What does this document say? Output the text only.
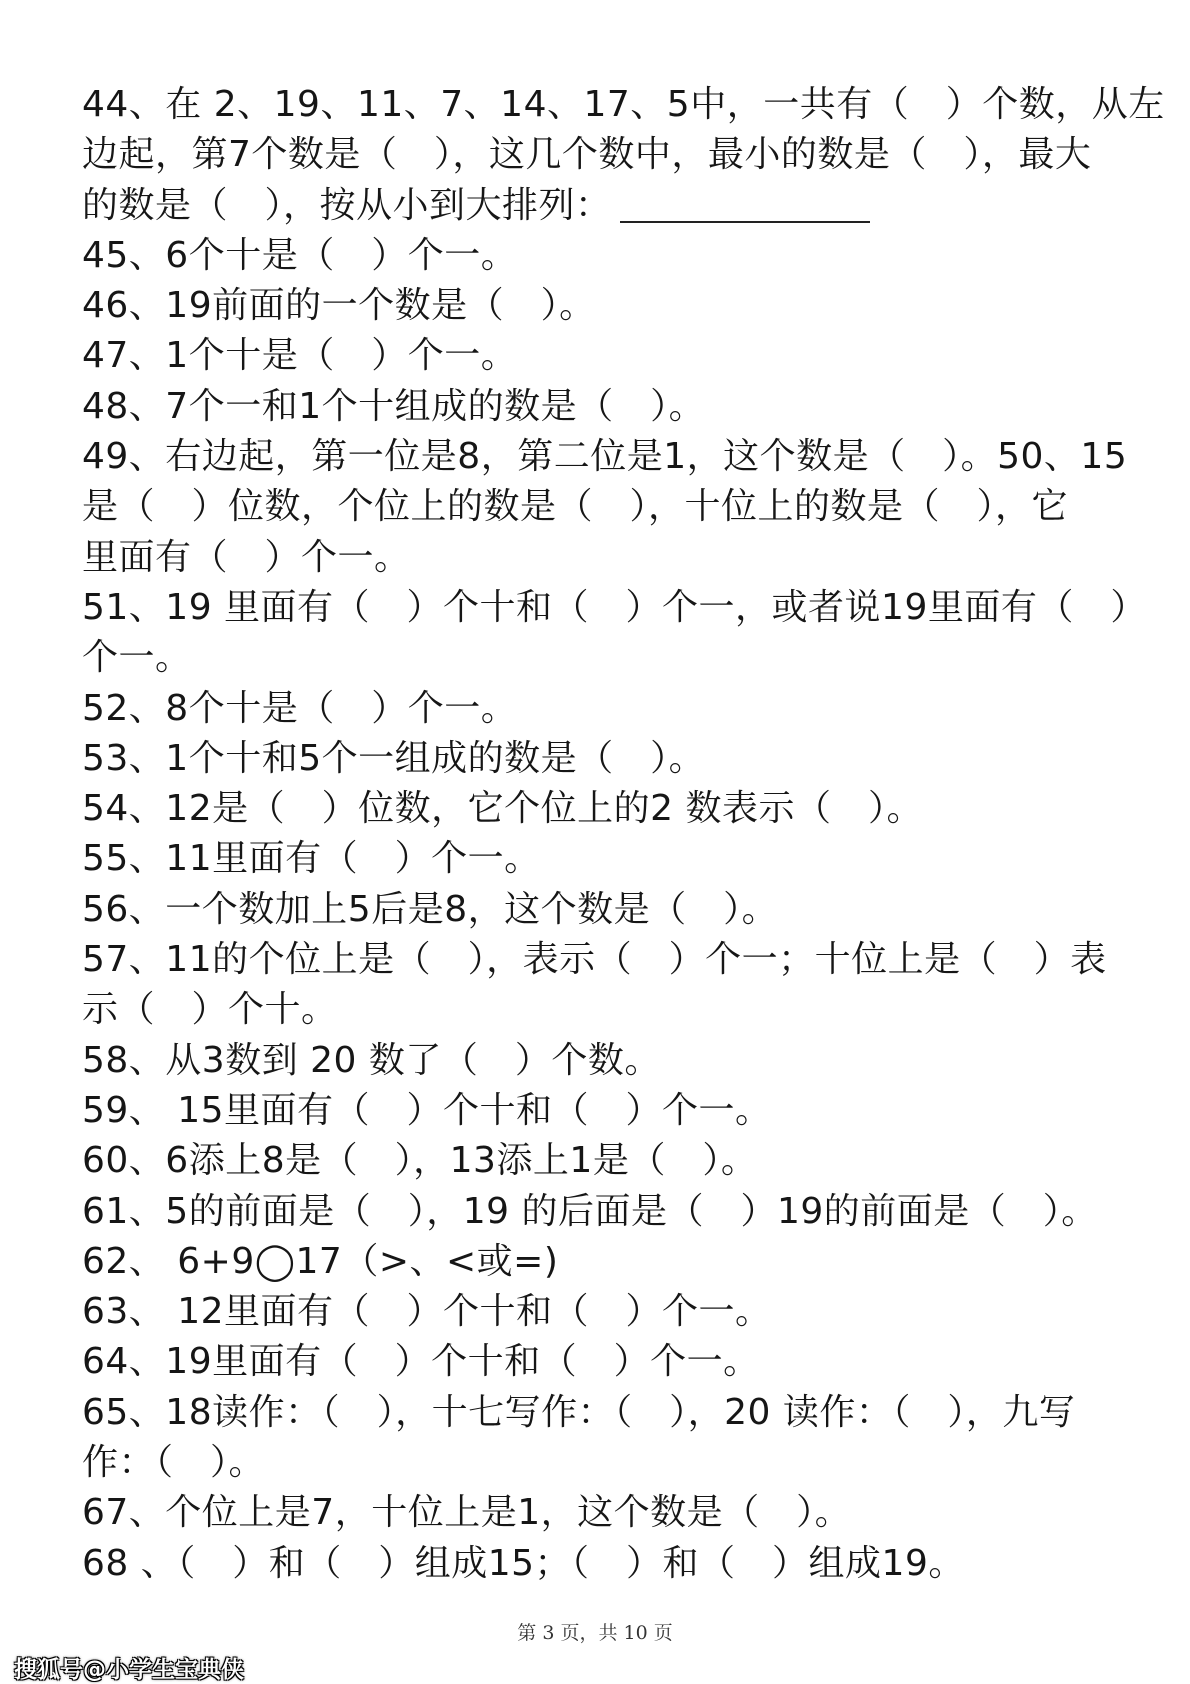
44、在 2、19、11、7、14、17、5中，一共有（　）个数，从左
边起，第7个数是（　），这几个数中，最小的数是（　），最大
的数是（　），按从小到大排列：
45、6个十是（　）个一。
46、19前面的一个数是（　）。
47、1个十是（　）个一。
48、7个一和1个十组成的数是（　）。
49、右边起，第一位是8，第二位是1，这个数是（　）。50、15
是（　）位数，个位上的数是（　），十位上的数是（　），它
里面有（　）个一。
51、19 里面有（　）个十和（　）个一，或者说19里面有（　）
个一。
52、8个十是（　）个一。
53、1个十和5个一组成的数是（　）。
54、12是（　）位数，它个位上的2 数表示（　）。
55、11里面有（　）个一。
56、一个数加上5后是8，这个数是（　）。
57、11的个位上是（　），表示（　）个一；十位上是（　）表
示（　）个十。
58、从3数到 20 数了（　）个数。
59、 15里面有（　）个十和（　）个一。
60、6添上8是（　），13添上1是（　）。
61、5的前面是（　），19 的后面是（　）19的前面是（　）。
62、 6+9◯17（>、<或=)
63、 12里面有（　）个十和（　）个一。
64、19里面有（　）个十和（　）个一。
65、18读作：（　），十七写作：（　），20 读作：（　），九写
作：（　）。
67、个位上是7，十位上是1，这个数是（　）。
68 、（　）和（　）组成15；（　）和（　）组成19。
第 3 页，共 10 页
搜狐号@小学生宝典侠
